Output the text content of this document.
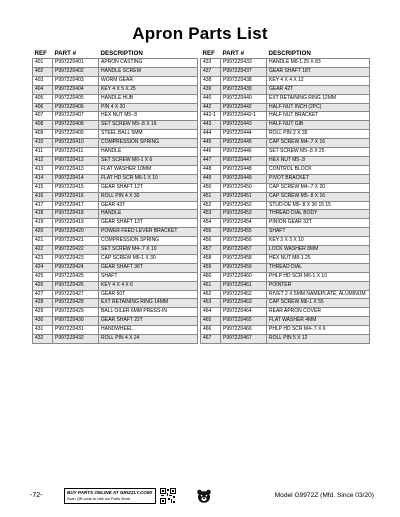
Apron Parts List
REF	PART #	DESCRIPTION
401	P9972Z0401	APRON CASTING
402	P9972Z0402	HANDLE SCREW
403	P9972Z0403	WORM GEAR
404	P9972Z0404	KEY 4 X 5 X 25
405	P9972Z0405	HANDLE HUB
406	P9972Z0406	PIN 4 X 20
407	P9972Z0407	HEX NUT M5-.8
408	P9972Z0408	SET SCREW M5-.8 X 16
409	P9972Z0409	STEEL BALL 5MM
410	P9972Z0410	COMPRESSION SPRING
411	P9972Z0411	HANDLE
412	P9972Z0412	SET SCREW M6-1 X 6
413	P9972Z0413	FLAT WASHER 10MM
414	P9972Z0414	FLAT HD SCR M6-1 X 10
415	P9972Z0415	GEAR SHAFT 12T
416	P9972Z0416	ROLL PIN 4 X 30
417	P9972Z0417	GEAR 43T
418	P9972Z0418	HANDLE
419	P9972Z0419	GEAR SHAFT 13T
420	P9972Z0420	POWER FEED LEVER BRACKET
421	P9972Z0421	COMPRESSION SPRING
422	P9972Z0422	SET SCREW M4-.7 X 10
423	P9972Z0423	CAP SCREW M6-1 X 30
424	P9972Z0424	GEAR SHAFT 36T
425	P9972Z0425	SHAFT
426	P9972Z0426	KEY 4 X 4 X 6
427	P9972Z0427	GEAR 60T
428	P9972Z0428	EXT RETAINING RING 14MM
429	P9972Z0429	BALL OILER 6MM PRESS-IN
430	P9972Z0430	GEAR SHAFT 22T
431	P9972Z0431	HANDWHEEL
432	P9972Z0432	ROLL PIN 4 X 24
REF	PART #	DESCRIPTION
433	P9972Z0433	HANDLE M8-1.25 X 83
437	P9972Z0437	GEAR SHAFT 18T
438	P9972Z0438	KEY 4 X 4 X 12
439	P9972Z0439	GEAR 42T
440	P9972Z0440	EXT RETAINING RING 12MM
442	P9972Z0442	HALF NUT INCH (2PC)
442-1	P9972Z0442-1	HALF NUT BRACKET
443	P9972Z0443	HALF NUT GIB
444	P9972Z0444	ROLL PIN 2 X 35
445	P9972Z0445	CAP SCREW M4-.7 X 16
446	P9972Z0446	SET SCREW M5-.8 X 25
447	P9972Z0447	HEX NUT M5-.8
448	P9972Z0448	CONTROL BLOCK
449	P9972Z0449	PIVOT BRACKET
450	P9972Z0450	CAP SCREW M4-.7 X 20
451	P9972Z0451	CAP SCREW M5-.8 X 16
452	P9972Z0452	STUD-DE M5-.8 X 36 15 15
453	P9972Z0453	THREAD DIAL BODY
454	P9972Z0454	PINION GEAR 32T
455	P9972Z0455	SHAFT
456	P9972Z0456	KEY 3 X 3 X 10
457	P9972Z0457	LOCK WASHER 8MM
458	P9972Z0458	HEX NUT M8-1.25
459	P9972Z0459	THREAD DIAL
460	P9972Z0460	PHLP HD SCR M6-1 X 10
461	P9972Z0461	POINTER
462	P9972Z0462	RIVET 2 X 5MM NAMEPLATE, ALUMINUM
463	P9972Z0463	CAP SCREW M6-1 X 55
464	P9972Z0464	REAR APRON COVER
465	P9972Z0465	FLAT WASHER 4MM
466	P9972Z0466	PHLP HD SCR M4-.7 X 6
467	P9972Z0467	ROLL PIN 5 X 12
-72-	BUY PARTS ONLINE AT GRIZZLY.COM!
Scan QR code to visit our Parts Store.	Model G9972Z (Mfd. Since 03/20)
